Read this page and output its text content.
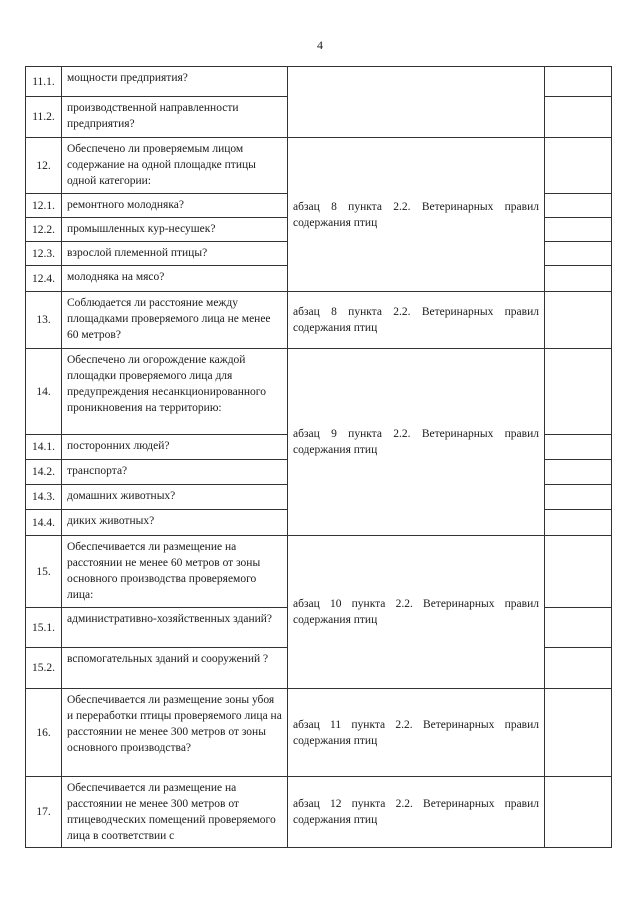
4
11.1.	мощности предприятия?		
11.2.	производственной направленности предприятия?		
12.	Обеспечено ли проверяемым лицом содержание на одной площадке птицы одной категории:	абзац 8 пункта 2.2. Ветеринарных правил содержания птиц	
12.1.	ремонтного молодняка?		
12.2.	промышленных кур-несушек?		
12.3.	взрослой племенной птицы?		
12.4.	молодняка на мясо?		
13.	Соблюдается ли расстояние между площадками проверяемого лица не менее 60 метров?	абзац 8 пункта 2.2. Ветеринарных правил содержания птиц	
14.	Обеспечено ли огорождение каждой площадки проверяемого лица для предупреждения несанкционированного проникновения на территорию:	абзац 9 пункта 2.2. Ветеринарных правил содержания птиц	
14.1.	посторонних людей?		
14.2.	транспорта?		
14.3.	домашних животных?		
14.4.	диких животных?		
15.	Обеспечивается ли размещение на расстоянии не менее 60 метров от зоны основного производства проверяемого лица:	абзац 10 пункта 2.2. Ветеринарных правил содержания птиц	
15.1.	административно-хозяйственных зданий?		
15.2.	вспомогательных зданий и сооружений ?		
16.	Обеспечивается ли размещение зоны убоя и переработки птицы проверяемого лица на расстоянии не менее 300 метров от зоны основного производства?	абзац 11 пункта 2.2. Ветеринарных правил содержания птиц	
17.	Обеспечивается ли размещение на расстоянии не менее 300 метров от птицеводческих помещений проверяемого лица в соответствии с	абзац 12 пункта 2.2. Ветеринарных правил содержания птиц	
